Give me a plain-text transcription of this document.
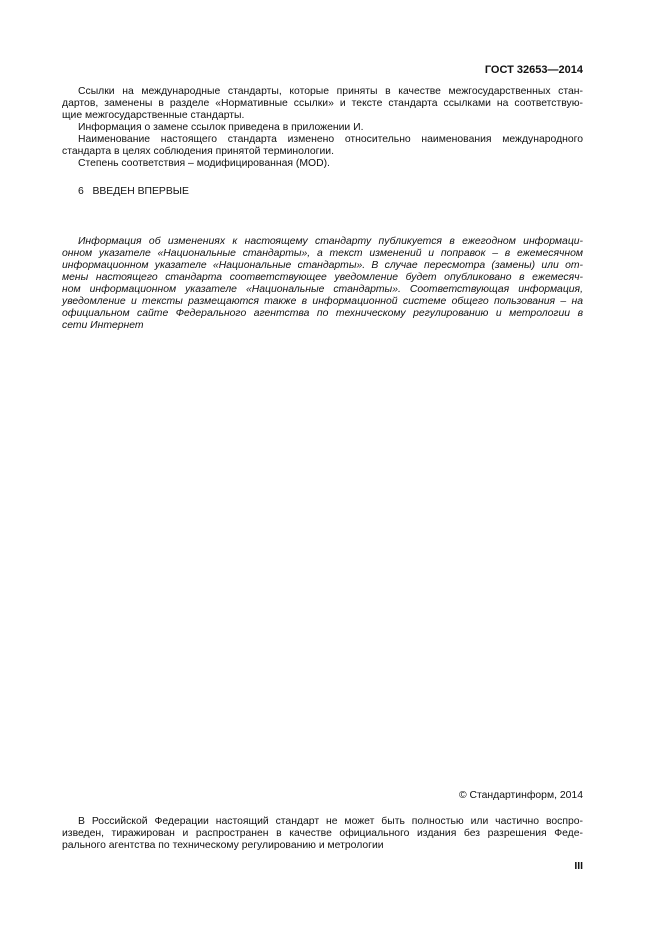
ГОСТ 32653—2014
Ссылки на международные стандарты, которые приняты в качестве межгосударственных стан-
дартов, заменены в разделе «Нормативные ссылки» и тексте стандарта ссылками на соответствую-
щие межгосударственные стандарты.
Информация о замене ссылок приведена в приложении И.
Наименование настоящего стандарта изменено относительно наименования международного
стандарта в целях соблюдения принятой терминологии.
Степень соответствия – модифицированная (MOD).
6   ВВЕДЕН ВПЕРВЫЕ
Информация об изменениях к настоящему стандарту публикуется в ежегодном информаци-
онном указателе «Национальные стандарты», а текст изменений и поправок – в ежемесячном
информационном указателе «Национальные стандарты». В случае пересмотра (замены) или от-
мены настоящего стандарта соответствующее уведомление будет опубликовано в ежемесяч-
ном информационном указателе «Национальные стандарты». Соответствующая информация,
уведомление и тексты размещаются также в информационной системе общего пользования – на
официальном сайте Федерального агентства по техническому регулированию и метрологии в
сети Интернет
© Стандартинформ, 2014
В Российской Федерации настоящий стандарт не может быть полностью или частично воспро-
изведен, тиражирован и распространен в качестве официального издания без разрешения Феде-
рального агентства по техническому регулированию и метрологии
III
